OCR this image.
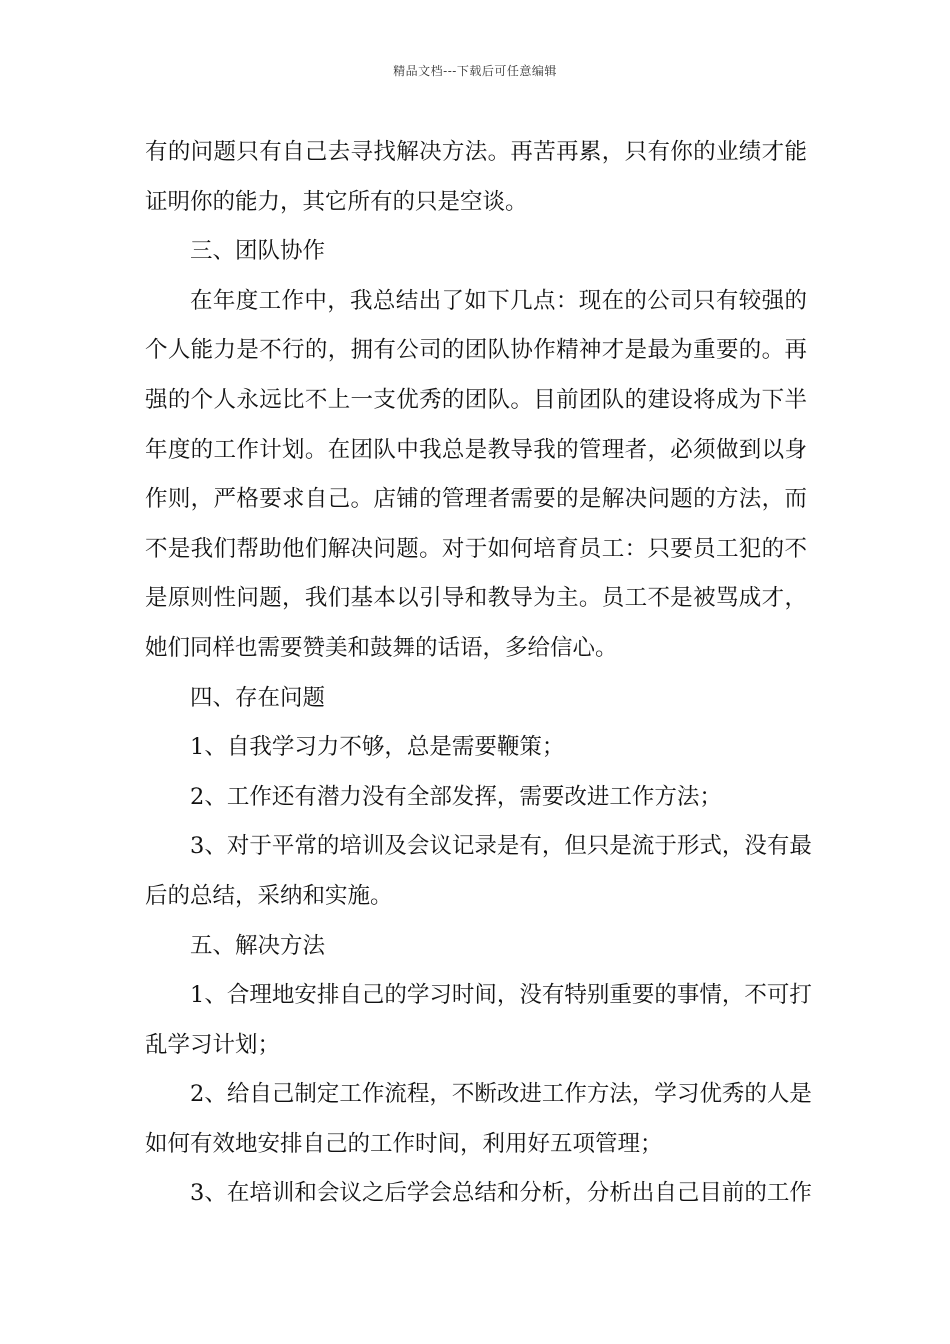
精品文档---下载后可任意编辑
有的问题只有自己去寻找解决方法。再苦再累，只有你的业绩才能
证明你的能力，其它所有的只是空谈。
三、团队协作
在年度工作中，我总结出了如下几点：现在的公司只有较强的
个人能力是不行的，拥有公司的团队协作精神才是最为重要的。再
强的个人永远比不上一支优秀的团队。目前团队的建设将成为下半
年度的工作计划。在团队中我总是教导我的管理者，必须做到以身
作则，严格要求自己。店铺的管理者需要的是解决问题的方法，而
不是我们帮助他们解决问题。对于如何培育员工：只要员工犯的不
是原则性问题，我们基本以引导和教导为主。员工不是被骂成才，
她们同样也需要赞美和鼓舞的话语，多给信心。
四、存在问题
1、自我学习力不够，总是需要鞭策；
2、工作还有潜力没有全部发挥，需要改进工作方法；
3、对于平常的培训及会议记录是有，但只是流于形式，没有最
后的总结，采纳和实施。
五、解决方法
1、合理地安排自己的学习时间，没有特别重要的事情，不可打
乱学习计划；
2、给自己制定工作流程，不断改进工作方法，学习优秀的人是
如何有效地安排自己的工作时间，利用好五项管理；
3、在培训和会议之后学会总结和分析，分析出自己目前的工作
